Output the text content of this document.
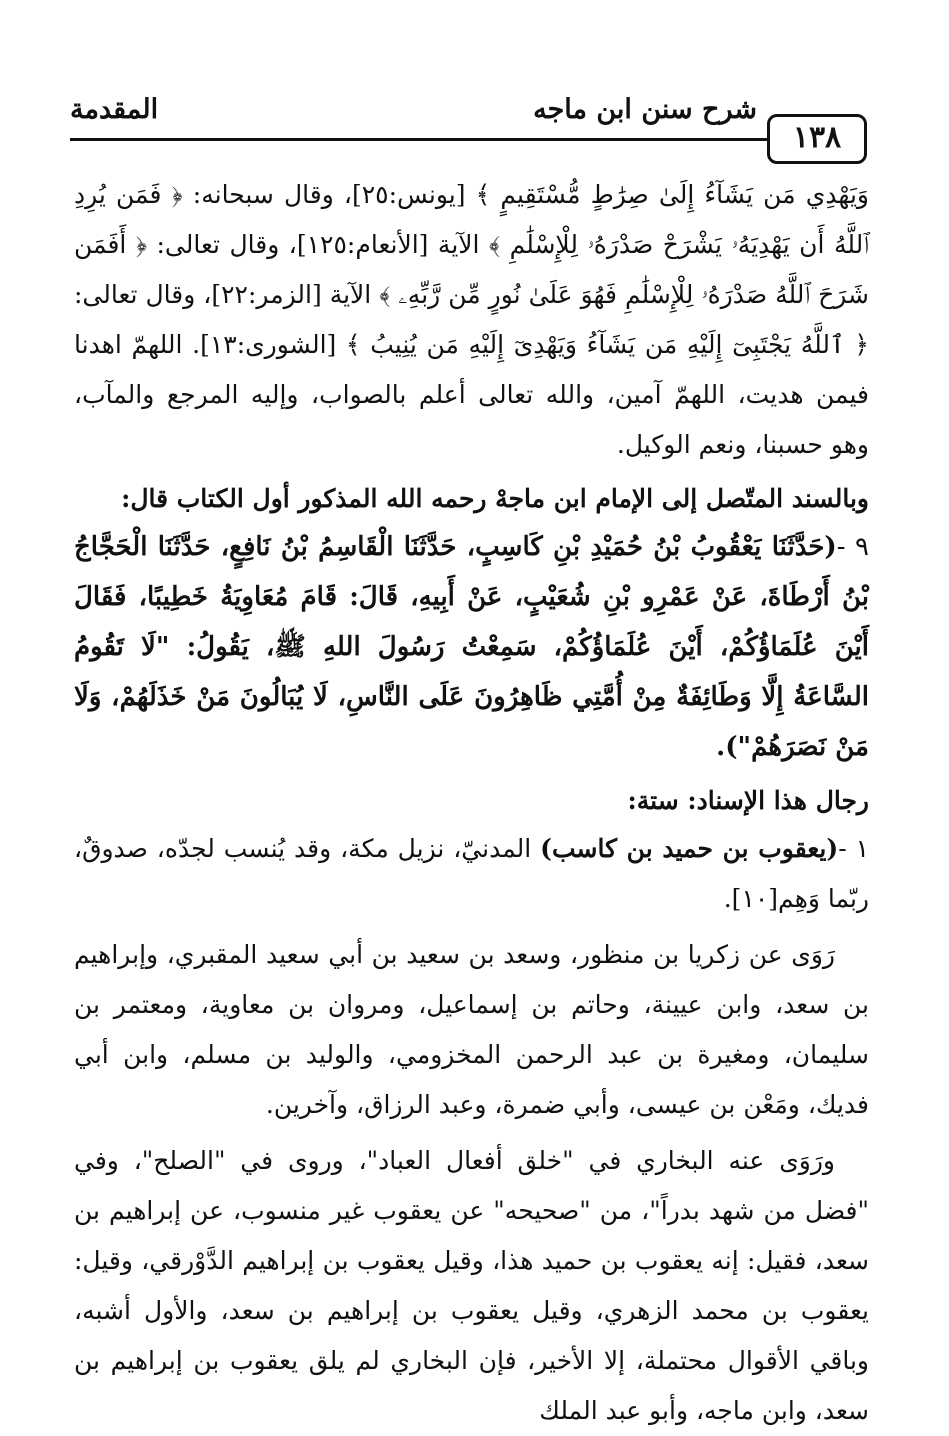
١٣٨
شرح سنن ابن ماجه
المقدمة

وَيَهْدِي مَن يَشَآءُ إِلَىٰ صِرَٰطٍ مُّسْتَقِيمٍ ﴾ [يونس:٢٥]، وقال سبحانه: ﴿ فَمَن يُرِدِ ٱللَّهُ أَن يَهْدِيَهُۥ يَشْرَحْ صَدْرَهُۥ لِلْإِسْلَٰمِ ﴾ الآية [الأنعام:١٢٥]، وقال تعالى: ﴿ أَفَمَن شَرَحَ ٱللَّهُ صَدْرَهُۥ لِلْإِسْلَٰمِ فَهُوَ عَلَىٰ نُورٍ مِّن رَّبِّهِۦ ﴾ الآية [الزمر:٢٢]، وقال تعالى: ﴿ ٱللَّهُ يَجْتَبِىٓ إِلَيْهِ مَن يَشَآءُ وَيَهْدِىٓ إِلَيْهِ مَن يُنِيبُ ﴾ [الشورى:١٣]. اللهمّ اهدنا فيمن هديت، اللهمّ آمين، والله تعالى أعلم بالصواب، وإليه المرجع والمآب، وهو حسبنا، ونعم الوكيل.

وبالسند المتّصل إلى الإمام ابن ماجهْ رحمه الله المذكور أول الكتاب قال:

٩ -(حَدَّثَنَا يَعْقُوبُ بْنُ حُمَيْدِ بْنِ كَاسِبٍ، حَدَّثَنَا الْقَاسِمُ بْنُ نَافِعٍ، حَدَّثَنَا الْحَجَّاجُ بْنُ أَرْطَاةَ، عَنْ عَمْرِو بْنِ شُعَيْبٍ، عَنْ أَبِيهِ، قَالَ: قَامَ مُعَاوِيَةُ خَطِيبًا، فَقَالَ أَيْنَ عُلَمَاؤُكُمْ، أَيْنَ عُلَمَاؤُكُمْ، سَمِعْتُ رَسُولَ اللهِ ﷺ، يَقُولُ: "لَا تَقُومُ السَّاعَةُ إِلَّا وَطَائِفَةٌ مِنْ أُمَّتِي ظَاهِرُونَ عَلَى النَّاسِ، لَا يُبَالُونَ مَنْ خَذَلَهُمْ، وَلَا مَنْ نَصَرَهُمْ").

رجال هذا الإسناد: ستة:

١ -(يعقوب بن حميد بن كاسب) المدنيّ، نزيل مكة، وقد يُنسب لجدّه، صدوقٌ، ربّما وَهِم[١٠].

رَوَى عن زكريا بن منظور، وسعد بن سعيد بن أبي سعيد المقبري، وإبراهيم بن سعد، وابن عيينة، وحاتم بن إسماعيل، ومروان بن معاوية، ومعتمر بن سليمان، ومغيرة بن عبد الرحمن المخزومي، والوليد بن مسلم، وابن أبي فديك، ومَعْن بن عيسى، وأبي ضمرة، وعبد الرزاق، وآخرين.

ورَوَى عنه البخاري في "خلق أفعال العباد"، وروى في "الصلح"، وفي "فضل من شهد بدراً"، من "صحيحه" عن يعقوب غير منسوب، عن إبراهيم بن سعد، فقيل: إنه يعقوب بن حميد هذا، وقيل يعقوب بن إبراهيم الدَّوْرقي، وقيل: يعقوب بن محمد الزهري، وقيل يعقوب بن إبراهيم بن سعد، والأول أشبه، وباقي الأقوال محتملة، إلا الأخير، فإن البخاري لم يلق يعقوب بن إبراهيم بن سعد، وابن ماجه، وأبو عبد الملك
